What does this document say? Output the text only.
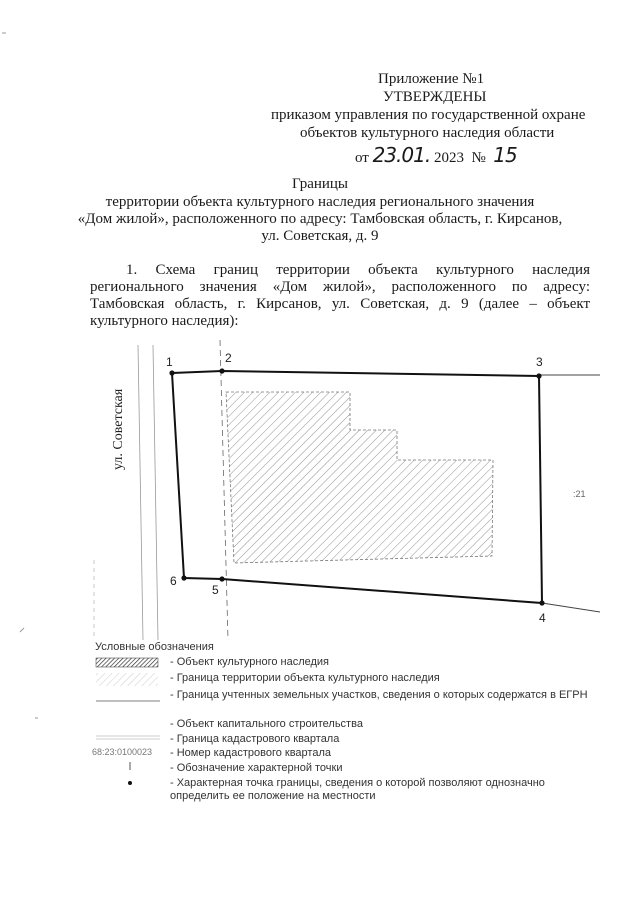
Приложение №1
УТВЕРЖДЕНЫ
приказом управления по государственной охране
объектов культурного наследия области
от 23.01. 2023 № 15
Границы
территории объекта культурного наследия регионального значения
«Дом жилой», расположенного по адресу: Тамбовская область, г. Кирсанов,
ул. Советская, д. 9
1. Схема границ территории объекта культурного наследия
регионального значения «Дом жилой», расположенного по адресу:
Тамбовская область, г. Кирсанов, ул. Советская, д. 9 (далее – объект
культурного наследия):
1	2	3
4
5
6
ул. Советская
:21
Условные обозначения
- Объект культурного наследия
- Граница территории объекта культурного наследия
- Граница учтенных земельных участков, сведения о которых содержатся в ЕГРН
- Объект капитального строительства
- Граница кадастрового квартала
68:23:0100023	- Номер кадастрового квартала
- Обозначение характерной точки
- Характерная точка границы, сведения о которой позволяют однозначно определить ее положение на местности
